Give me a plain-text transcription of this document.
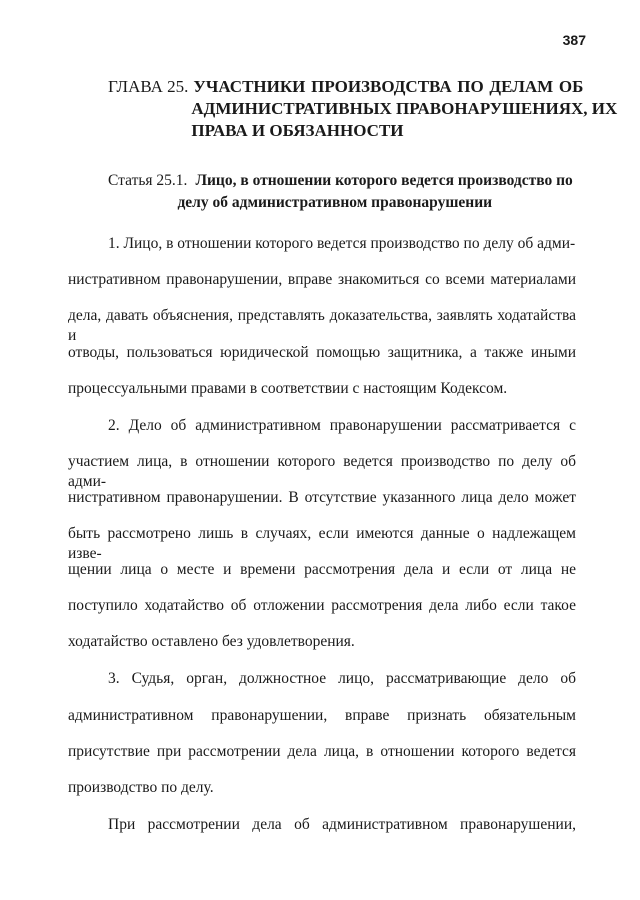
387
ГЛАВА 25. УЧАСТНИКИ ПРОИЗВОДСТВА ПО ДЕЛАМ ОБ
АДМИНИСТРАТИВНЫХ ПРАВОНАРУШЕНИЯХ, ИХ
ПРАВА И ОБЯЗАННОСТИ
Статья 25.1. Лицо, в отношении которого ведется производство по
делу об административном правонарушении
1. Лицо, в отношении которого ведется производство по делу об адми-
нистративном правонарушении, вправе знакомиться со всеми материалами
дела, давать объяснения, представлять доказательства, заявлять ходатайства и
отводы, пользоваться юридической помощью защитника, а также иными
процессуальными правами в соответствии с настоящим Кодексом.
2. Дело об административном правонарушении рассматривается с
участием лица, в отношении которого ведется производство по делу об адми-
нистративном правонарушении. В отсутствие указанного лица дело может
быть рассмотрено лишь в случаях, если имеются данные о надлежащем изве-
щении лица о месте и времени рассмотрения дела и если от лица не
поступило ходатайство об отложении рассмотрения дела либо если такое
ходатайство оставлено без удовлетворения.
3. Судья, орган, должностное лицо, рассматривающие дело об
административном правонарушении, вправе признать обязательным
присутствие при рассмотрении дела лица, в отношении которого ведется
производство по делу.
При рассмотрении дела об административном правонарушении,
